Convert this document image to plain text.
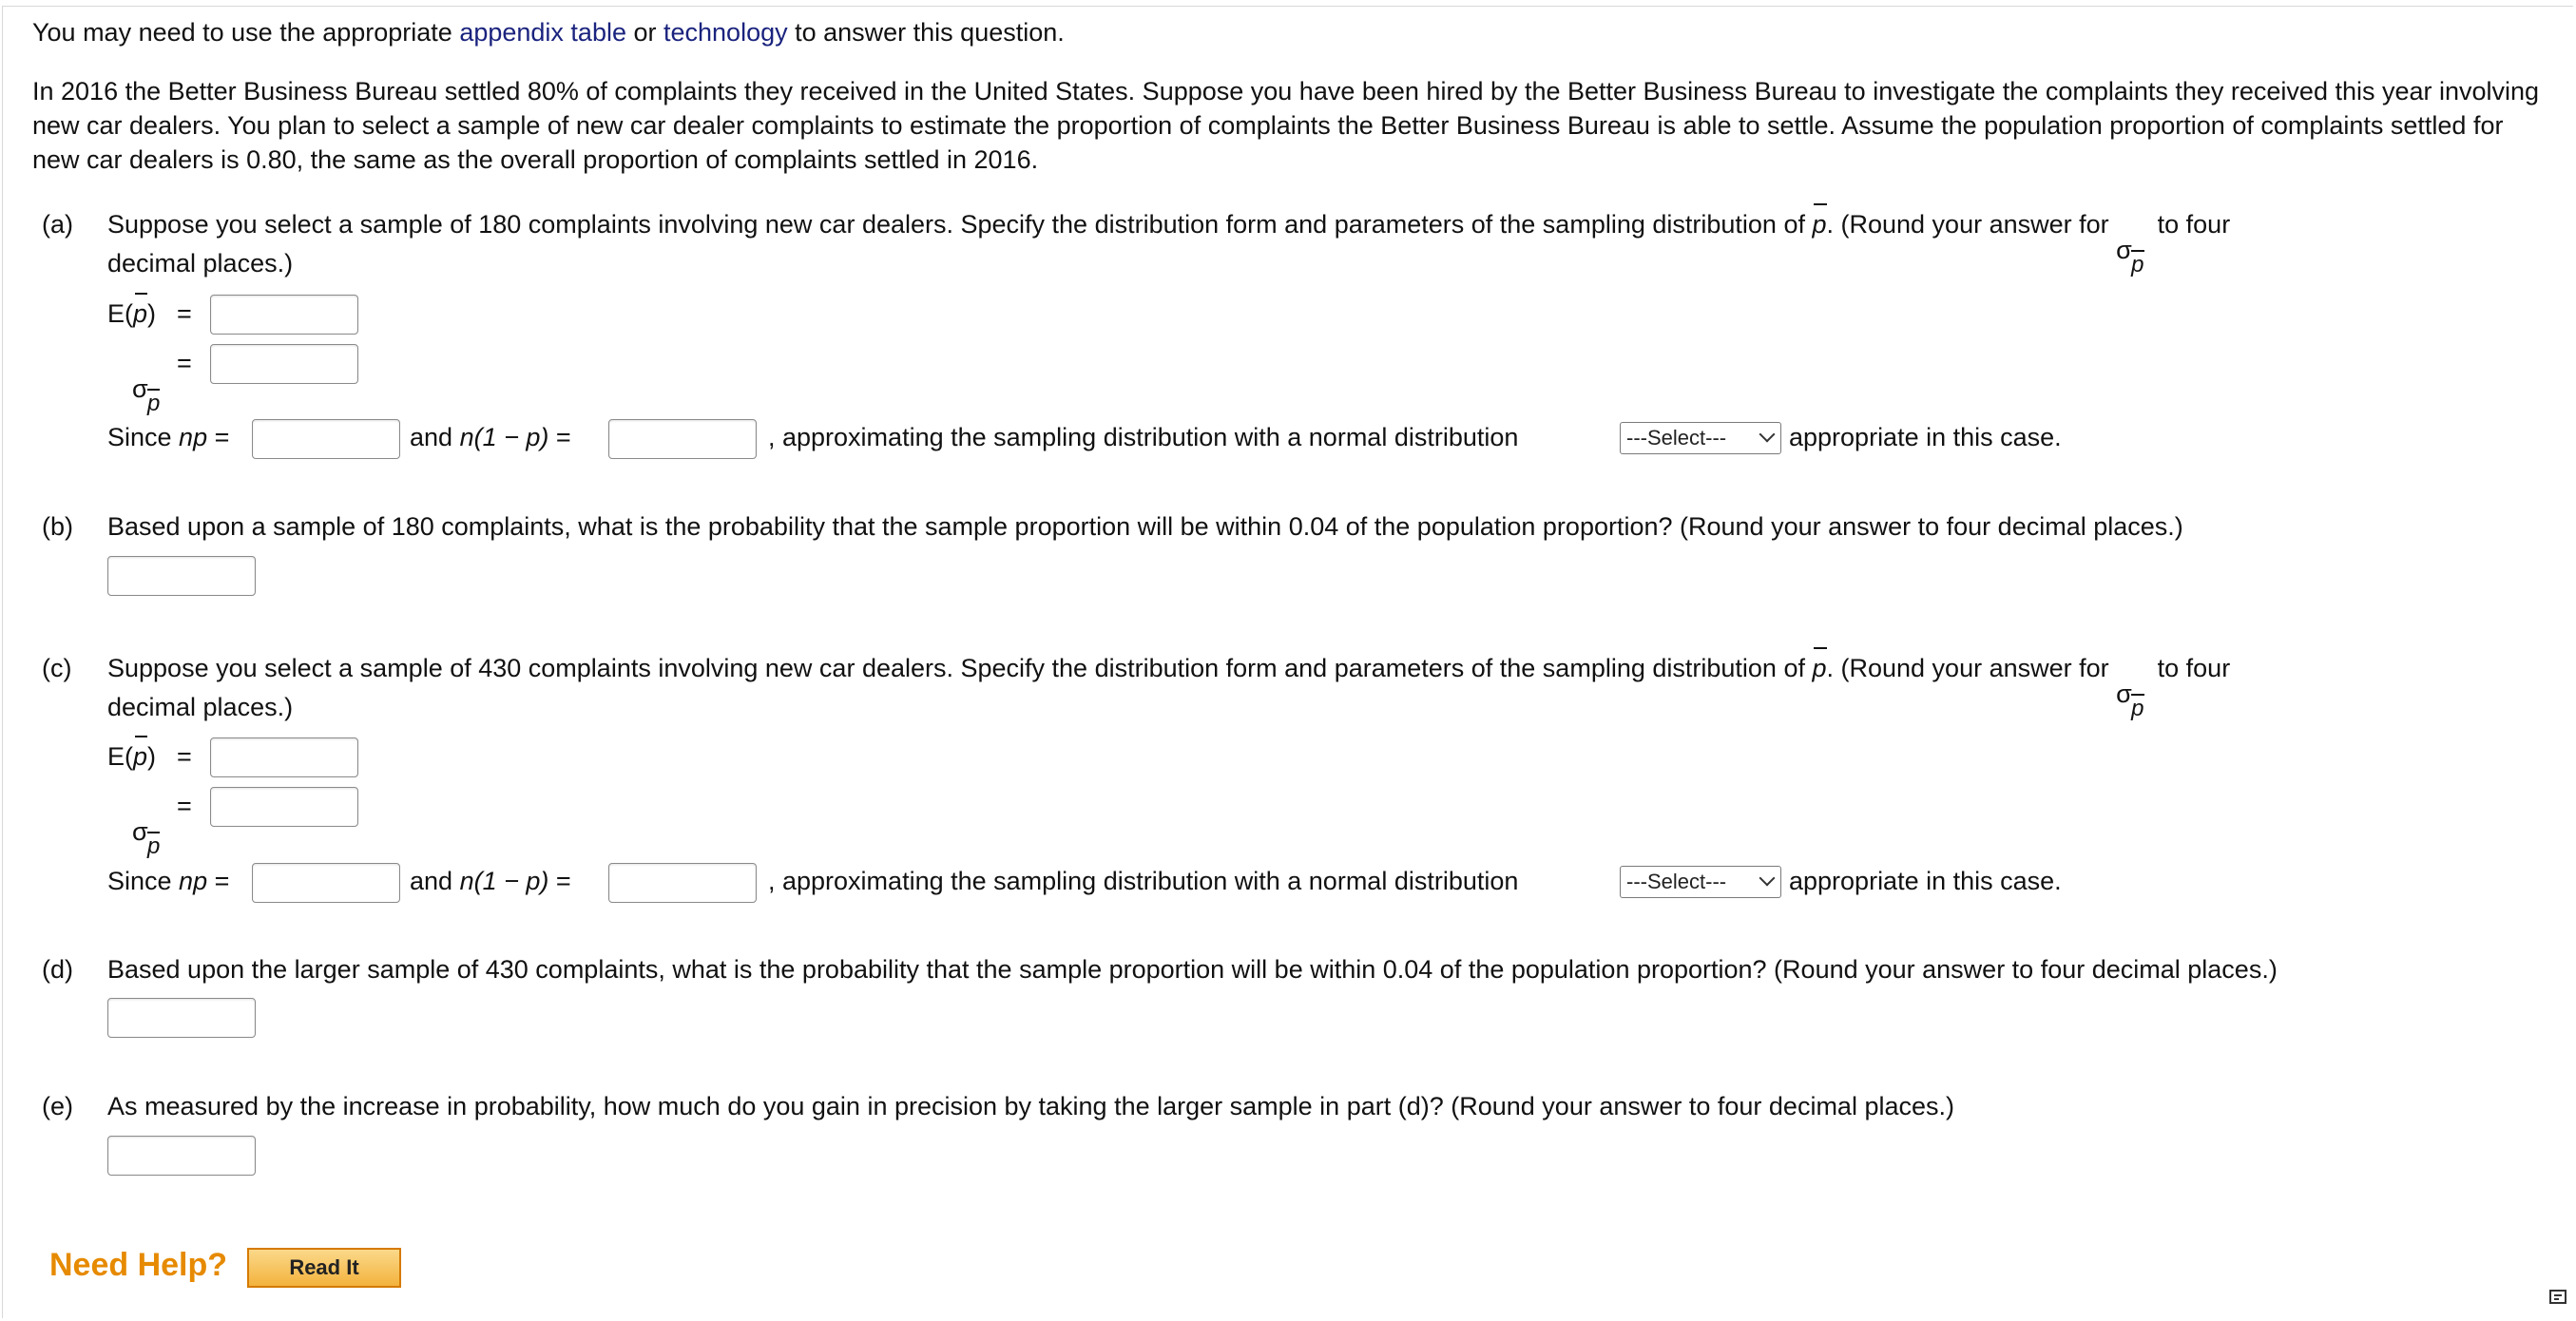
You may need to use the appropriate appendix table or technology to answer this question.
In 2016 the Better Business Bureau settled 80% of complaints they received in the United States. Suppose you have been hired by the Better Business Bureau to investigate the complaints they received this year involving new car dealers. You plan to select a sample of new car dealer complaints to estimate the proportion of complaints the Better Business Bureau is able to settle. Assume the population proportion of complaints settled for new car dealers is 0.80, the same as the overall proportion of complaints settled in 2016.
(a) Suppose you select a sample of 180 complaints involving new car dealers. Specify the distribution form and parameters of the sampling distribution of p. (Round your answer for
σ
p
to four
decimal places.)
E(p) =
σ
p
=
Since np =	and n(1 − p) =	, approximating the sampling distribution with a normal distribution	---Select---	appropriate in this case.
(b) Based upon a sample of 180 complaints, what is the probability that the sample proportion will be within 0.04 of the population proportion? (Round your answer to four decimal places.)
(c) Suppose you select a sample of 430 complaints involving new car dealers. Specify the distribution form and parameters of the sampling distribution of p. (Round your answer for
σ
p
to four
decimal places.)
E(p) =
σ
p
=
Since np =	and n(1 − p) =	, approximating the sampling distribution with a normal distribution	---Select---	appropriate in this case.
(d) Based upon the larger sample of 430 complaints, what is the probability that the sample proportion will be within 0.04 of the population proportion? (Round your answer to four decimal places.)
(e) As measured by the increase in probability, how much do you gain in precision by taking the larger sample in part (d)? (Round your answer to four decimal places.)
Need Help?	Read It
